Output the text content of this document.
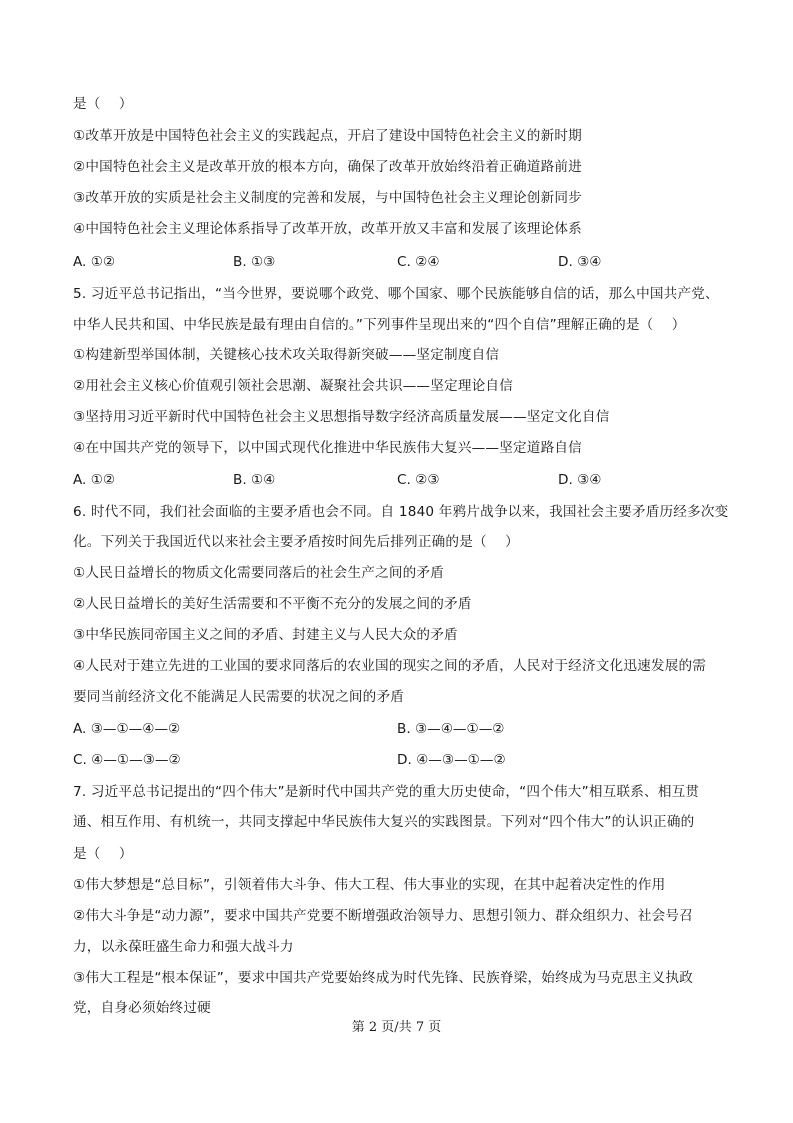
是（　 ）
①改革开放是中国特色社会主义的实践起点，开启了建设中国特色社会主义的新时期
②中国特色社会主义是改革开放的根本方向，确保了改革开放始终沿着正确道路前进
③改革开放的实质是社会主义制度的完善和发展，与中国特色社会主义理论创新同步
④中国特色社会主义理论体系指导了改革开放，改革开放又丰富和发展了该理论体系
A. ①②	B. ①③	C. ②④	D. ③④
5. 习近平总书记指出，“当今世界，要说哪个政党、哪个国家、哪个民族能够自信的话，那么中国共产党、
中华人民共和国、中华民族是最有理由自信的。”下列事件呈现出来的“四个自信”理解正确的是（　 ）
①构建新型举国体制，关键核心技术攻关取得新突破——坚定制度自信
②用社会主义核心价值观引领社会思潮、凝聚社会共识——坚定理论自信
③坚持用习近平新时代中国特色社会主义思想指导数字经济高质量发展——坚定文化自信
④在中国共产党的领导下，以中国式现代化推进中华民族伟大复兴——坚定道路自信
A. ①②	B. ①④	C. ②③	D. ③④
6. 时代不同，我们社会面临的主要矛盾也会不同。自 1840 年鸦片战争以来，我国社会主要矛盾历经多次变
化。下列关于我国近代以来社会主要矛盾按时间先后排列正确的是（　 ）
①人民日益增长的物质文化需要同落后的社会生产之间的矛盾
②人民日益增长的美好生活需要和不平衡不充分的发展之间的矛盾
③中华民族同帝国主义之间的矛盾、封建主义与人民大众的矛盾
④人民对于建立先进的工业国的要求同落后的农业国的现实之间的矛盾，人民对于经济文化迅速发展的需
要同当前经济文化不能满足人民需要的状况之间的矛盾
A. ③—①—④—②	B. ③—④—①—②
C. ④—①—③—②	D. ④—③—①—②
7. 习近平总书记提出的“四个伟大”是新时代中国共产党的重大历史使命，“四个伟大”相互联系、相互贯
通、相互作用、有机统一，共同支撑起中华民族伟大复兴的实践图景。下列对“四个伟大”的认识正确的
是（　 ）
①伟大梦想是“总目标”，引领着伟大斗争、伟大工程、伟大事业的实现，在其中起着决定性的作用
②伟大斗争是“动力源”，要求中国共产党要不断增强政治领导力、思想引领力、群众组织力、社会号召
力，以永葆旺盛生命力和强大战斗力
③伟大工程是“根本保证”，要求中国共产党要始终成为时代先锋、民族脊梁，始终成为马克思主义执政
党，自身必须始终过硬
第 2 页/共 7 页
